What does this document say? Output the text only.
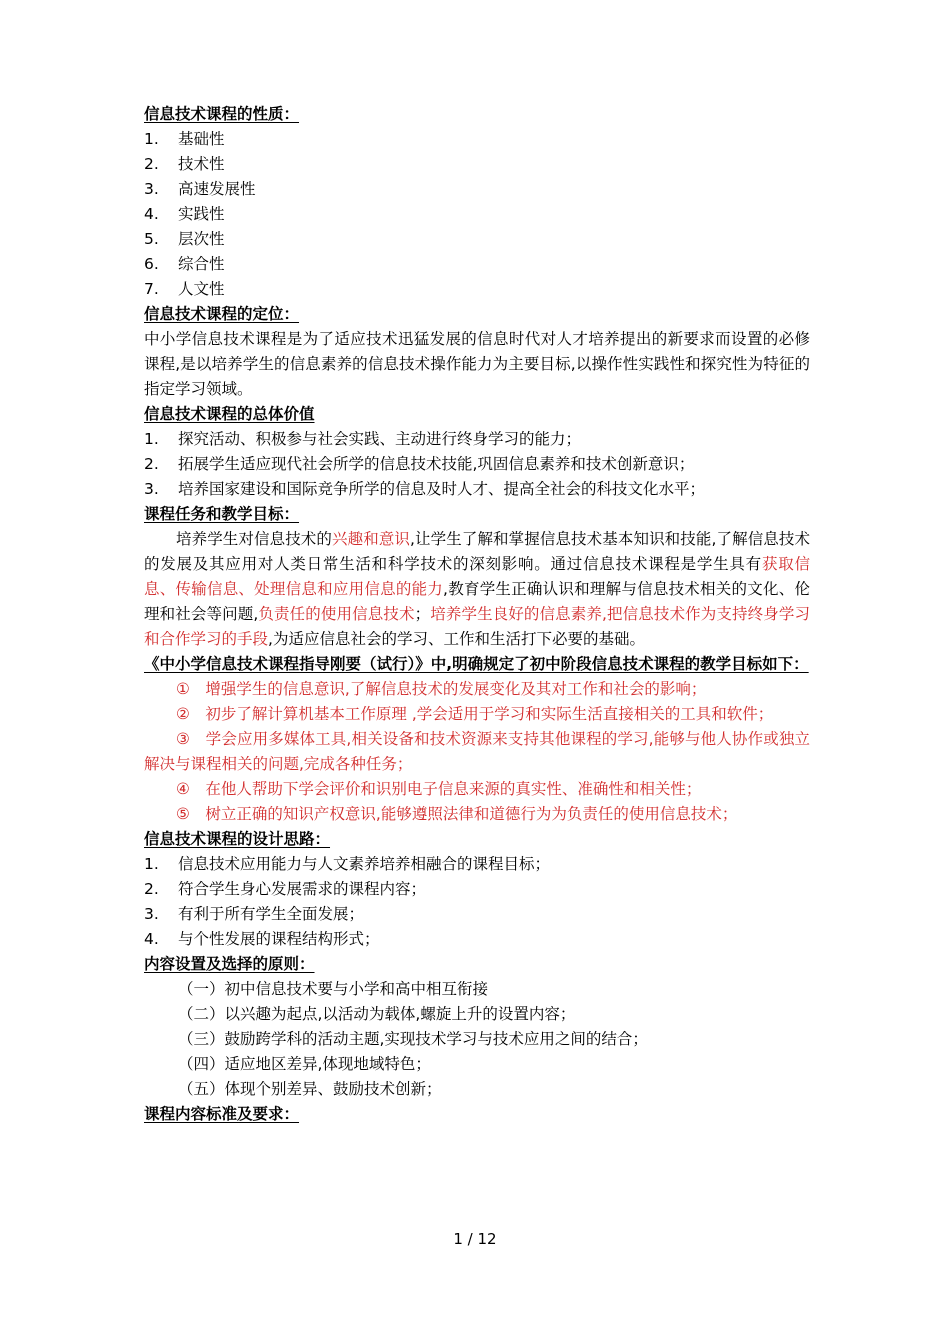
信息技术课程的性质：
1.	基础性
2.	技术性
3.	高速发展性
4.	实践性
5.	层次性
6.	综合性
7.	人文性
信息技术课程的定位：

中小学信息技术课程是为了适应技术迅猛发展的信息时代对人才培养提出的新要求而设置的必修课程,是以培养学生的信息素养的信息技术操作能力为主要目标,以操作性实践性和探究性为特征的指定学习领域。

信息技术课程的总体价值
1.	探究活动、积极参与社会实践、主动进行终身学习的能力；
2.	拓展学生适应现代社会所学的信息技术技能,巩固信息素养和技术创新意识；
3.	培养国家建设和国际竞争所学的信息及时人才、提高全社会的科技文化水平；
课程任务和教学目标：

培养学生对信息技术的兴趣和意识,让学生了解和掌握信息技术基本知识和技能,了解信息技术的发展及其应用对人类日常生活和科学技术的深刻影响。通过信息技术课程是学生具有获取信息、传输信息、处理信息和应用信息的能力,教育学生正确认识和理解与信息技术相关的文化、伦理和社会等问题,负责任的使用信息技术；培养学生良好的信息素养,把信息技术作为支持终身学习和合作学习的手段,为适应信息社会的学习、工作和生活打下必要的基础。

《中小学信息技术课程指导刚要（试行）》中,明确规定了初中阶段信息技术课程的教学目标如下：

①　增强学生的信息意识,了解信息技术的发展变化及其对工作和社会的影响；

②　初步了解计算机基本工作原理 ,学会适用于学习和实际生活直接相关的工具和软件；

③　学会应用多媒体工具,相关设备和技术资源来支持其他课程的学习,能够与他人协作或独立解决与课程相关的问题,完成各种任务；

④　在他人帮助下学会评价和识别电子信息来源的真实性、准确性和相关性；

⑤　树立正确的知识产权意识,能够遵照法律和道德行为为负责任的使用信息技术；

信息技术课程的设计思路：
1.	信息技术应用能力与人文素养培养相融合的课程目标；
2.	符合学生身心发展需求的课程内容；
3.	有利于所有学生全面发展；
4.	与个性发展的课程结构形式；
内容设置及选择的原则：
（一）初中信息技术要与小学和高中相互衔接
（二）以兴趣为起点,以活动为载体,螺旋上升的设置内容；
（三）鼓励跨学科的活动主题,实现技术学习与技术应用之间的结合；
（四）适应地区差异,体现地域特色；
（五）体现个别差异、鼓励技术创新；
课程内容标准及要求：
1 / 12
